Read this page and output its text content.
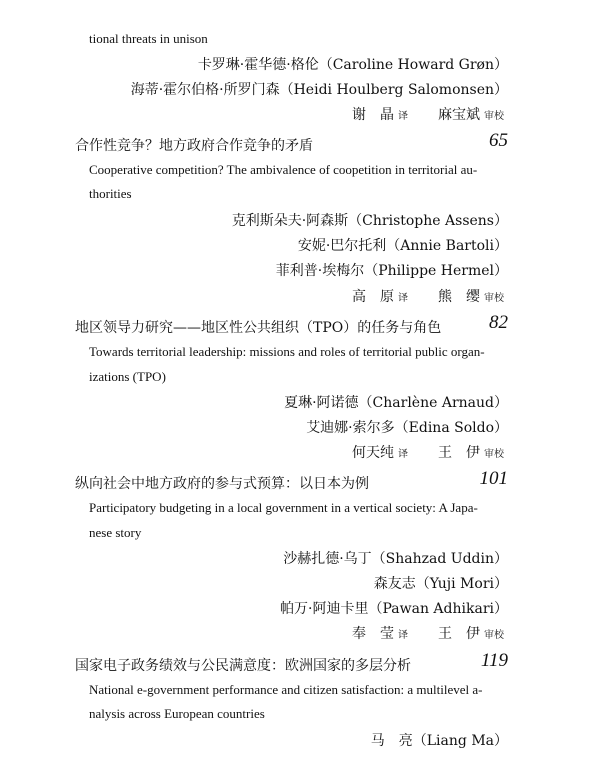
tional threats in unison
卡罗琳·霍华德·格伦（Caroline Howard Grøn）
海蒂·霍尔伯格·所罗门森（Heidi Houlberg Salomonsen）
谢　晶 译 麻宝斌 审校
合作性竞争？地方政府合作竞争的矛盾	65
Cooperative competition? The ambivalence of coopetition in territorial au-
thorities
克利斯朵夫·阿森斯（Christophe Assens）
安妮·巴尔托利（Annie Bartoli）
菲利普·埃梅尔（Philippe Hermel）
高　原 译 熊　缨 审校
地区领导力研究——地区性公共组织（TPO）的任务与角色	82
Towards territorial leadership: missions and roles of territorial public organ-
izations (TPO)
夏琳·阿诺德（Charlène Arnaud）
艾迪娜·索尔多（Edina Soldo）
何天纯 译 王　伊 审校
纵向社会中地方政府的参与式预算：以日本为例	101
Participatory budgeting in a local government in a vertical society: A Japa-
nese story
沙赫扎德·乌丁（Shahzad Uddin）
森友志（Yuji Mori）
帕万·阿迪卡里（Pawan Adhikari）
奉　莹 译 王　伊 审校
国家电子政务绩效与公民满意度：欧洲国家的多层分析	119
National e-government performance and citizen satisfaction: a multilevel a-
nalysis across European countries
马　亮（Liang Ma）
